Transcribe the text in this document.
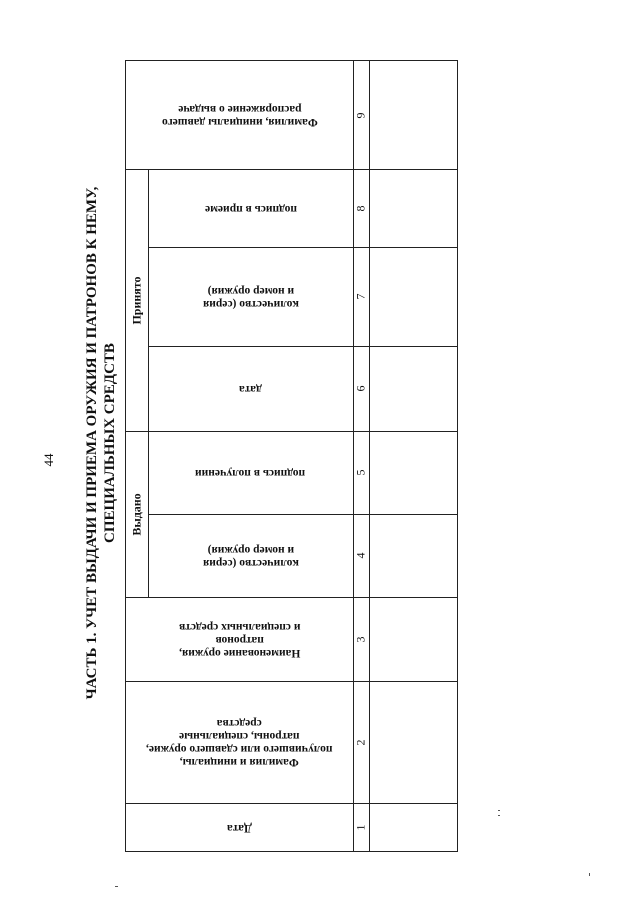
44 ЧАСТЬ 1. УЧЕТ ВЫДАЧИ И ПРИЕМА ОРУЖИЯ И ПАТРОНОВ К НЕМУ, СПЕЦИАЛЬНЫХ СРЕДСТВ
Принято
Выдано
Фамилия, инициалы давшего
распоряжение о выдаче
подпись в приеме
количество (серия
и номер оружия)
дата
подпись в получении
количество (серия
и номер оружия)
Наименование оружия,
патронов
и специальных средств
Фамилия и инициалы,
получившего или сдавшего оружие,
патроны, специальные
средства
Дата
9
8
7
6
5
4
3
2
1
